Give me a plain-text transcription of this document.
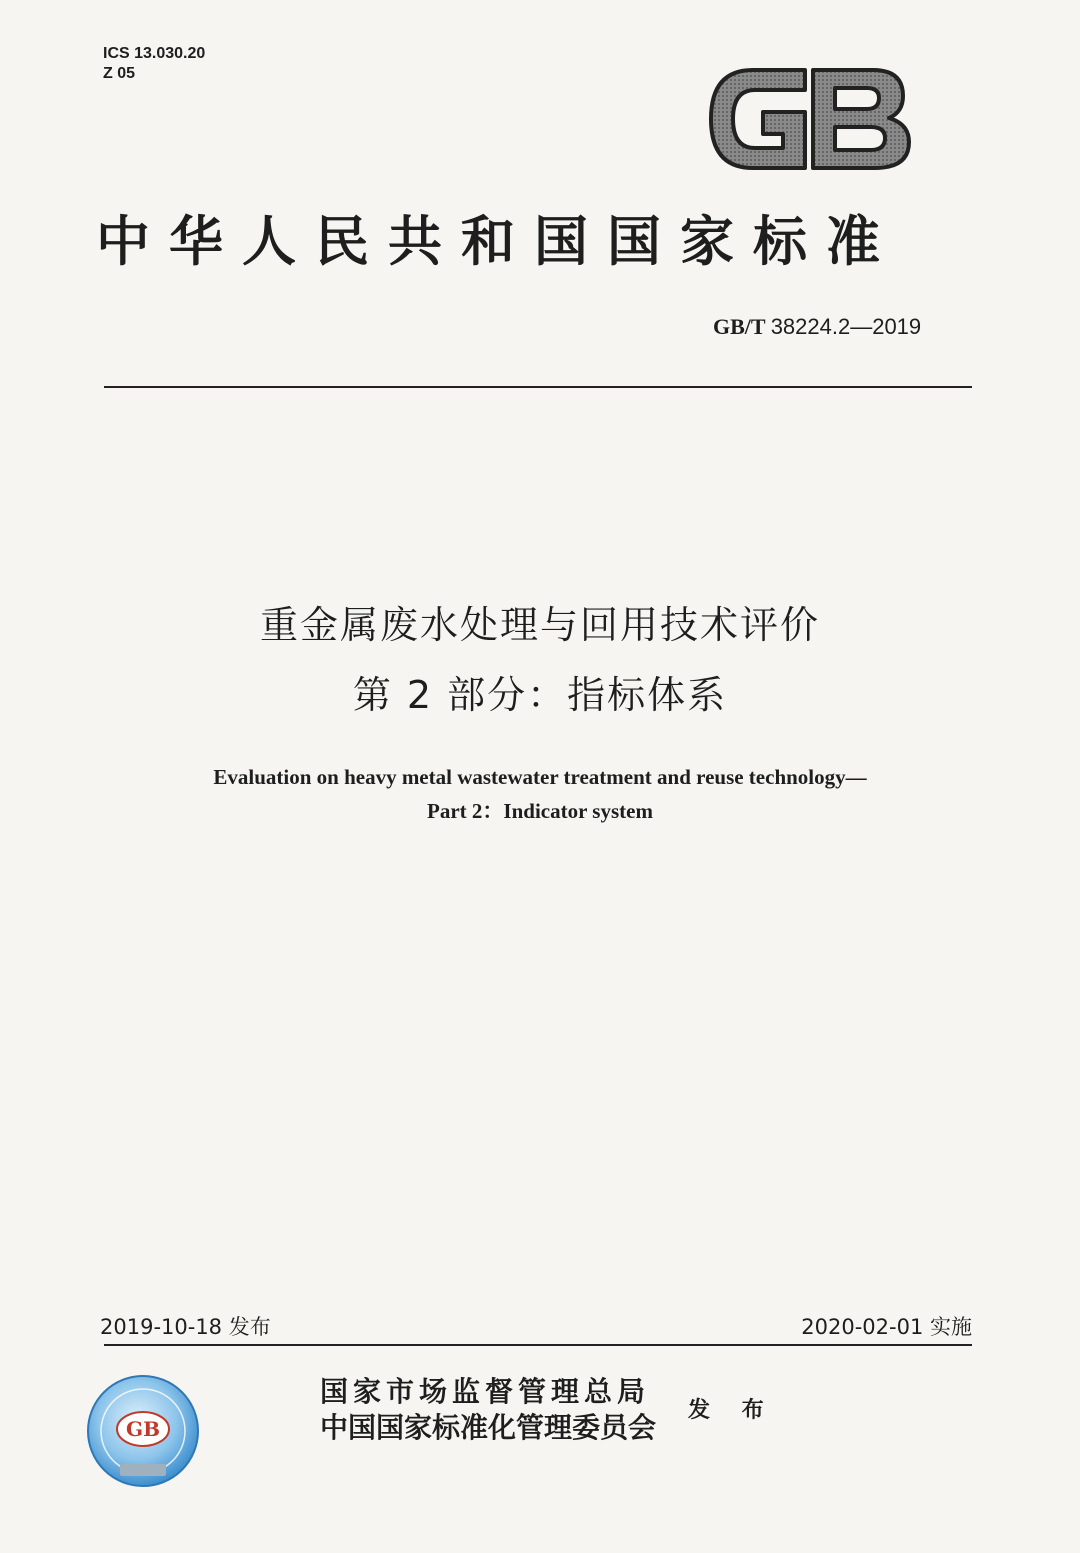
ICS 13.030.20
Z 05
中华人民共和国国家标准
GB/T 38224.2—2019
重金属废水处理与回用技术评价
第 2 部分：指标体系
Evaluation on heavy metal wastewater treatment and reuse technology—
Part 2：Indicator system
2019-10-18 发布	2020-02-01 实施
GB
国家市场监督管理总局
中国国家标准化管理委员会
发 布
